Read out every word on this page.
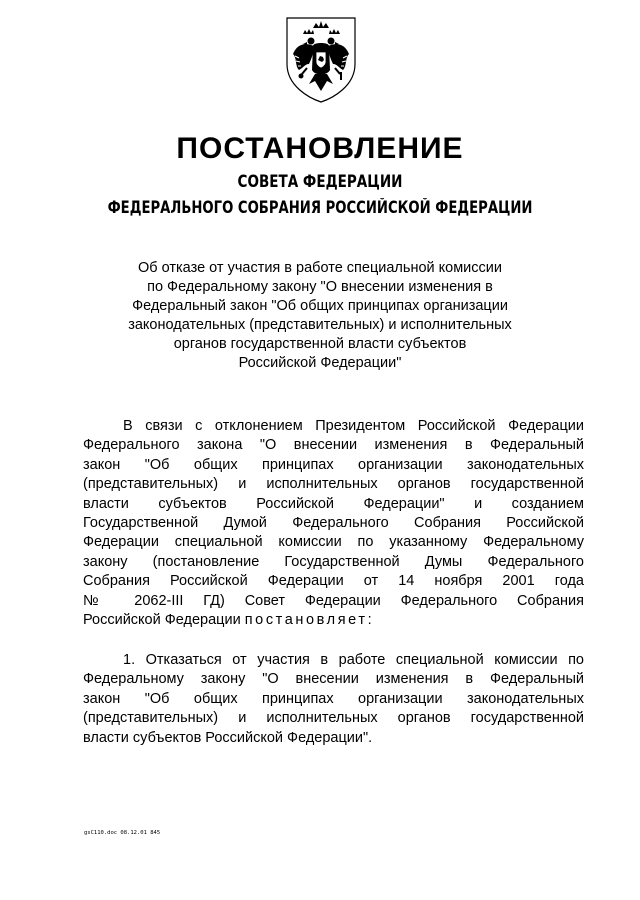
ПОСТАНОВЛЕНИЕ
СОВЕТА ФЕДЕРАЦИИ
ФЕДЕРАЛЬНОГО СОБРАНИЯ РОССИЙСКОЙ ФЕДЕРАЦИИ
Об отказе от участия в работе специальной комиссии
по Федеральному закону "О внесении изменения в
Федеральный закон "Об общих принципах организации
законодательных (представительных) и исполнительных
органов государственной власти субъектов
Российской Федерации"
В связи с отклонением Президентом Российской Федерации
Федерального закона "О внесении изменения в Федеральный
закон "Об общих принципах организации законодательных
(представительных) и исполнительных органов государственной
власти субъектов Российской Федерации" и созданием
Государственной Думой Федерального Собрания Российской
Федерации специальной комиссии по указанному Федеральному
закону (постановление Государственной Думы Федерального
Собрания Российской Федерации от 14 ноября 2001 года
№ 2062-III ГД) Совет Федерации Федерального Собрания
Российской Федерации постановляет:
1. Отказаться от участия в работе специальной комиссии по
Федеральному закону "О внесении изменения в Федеральный
закон "Об общих принципах организации законодательных
(представительных) и исполнительных органов государственной
власти субъектов Российской Федерации".
gsC110.doc 08.12.01 845
